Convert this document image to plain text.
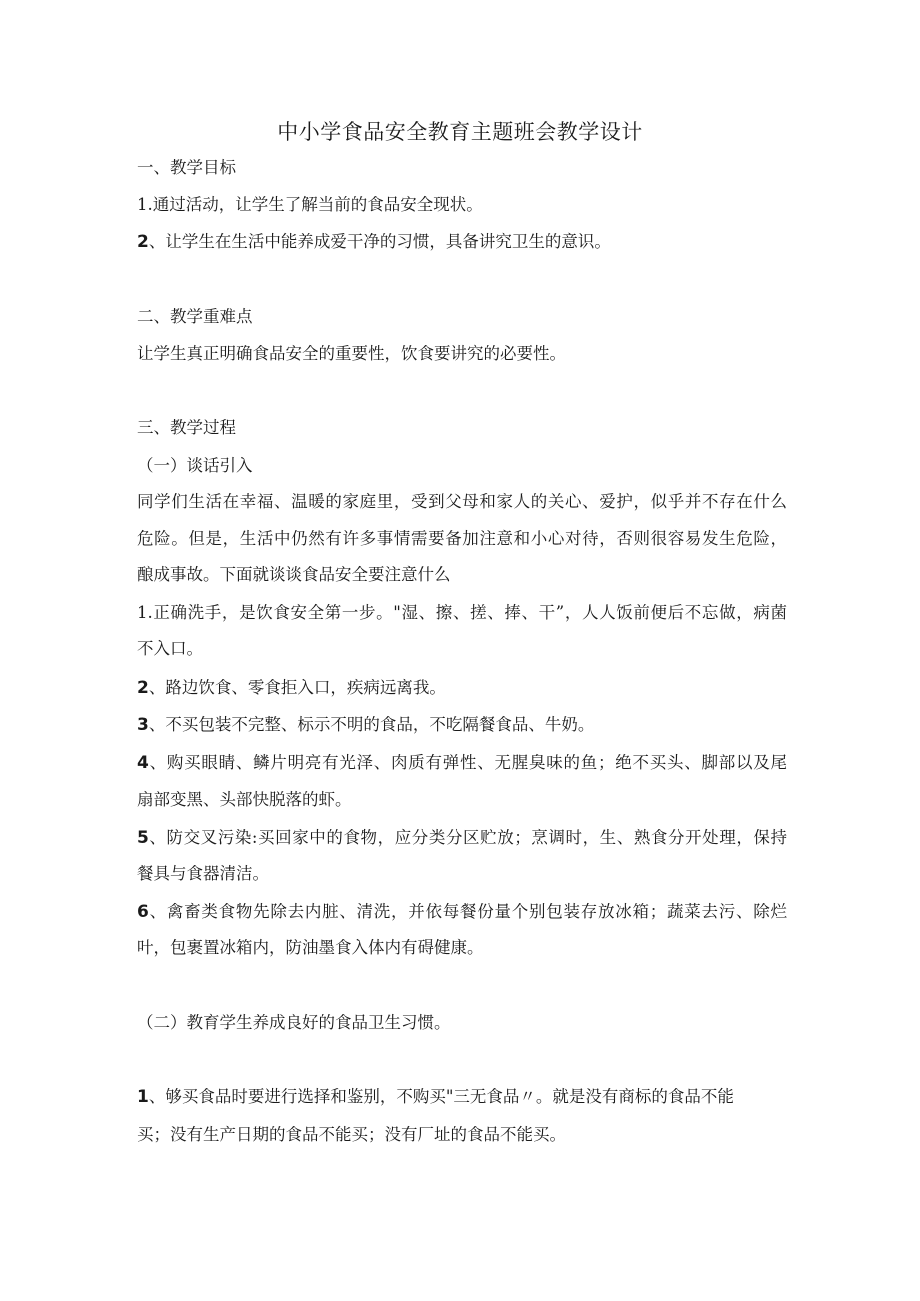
中小学食品安全教育主题班会教学设计
一、教学目标
1.通过活动，让学生了解当前的食品安全现状。
2、让学生在生活中能养成爱干净的习惯，具备讲究卫生的意识。
二、教学重难点
让学生真正明确食品安全的重要性，饮食要讲究的必要性。
三、教学过程
（一）谈话引入
同学们生活在幸福、温暖的家庭里，受到父母和家人的关心、爱护，似乎并不存在什么
危险。但是，生活中仍然有许多事情需要备加注意和小心对待，否则很容易发生危险，
酿成事故。下面就谈谈食品安全要注意什么
1.正确洗手，是饮食安全第一步。"湿、擦、搓、捧、干”，人人饭前便后不忘做，病菌
不入口。
2、路边饮食、零食拒入口，疾病远离我。
3、不买包装不完整、标示不明的食品，不吃隔餐食品、牛奶。
4、购买眼睛、鳞片明亮有光泽、肉质有弹性、无腥臭味的鱼；绝不买头、脚部以及尾
扇部变黑、头部快脱落的虾。
5、防交叉污染:买回家中的食物，应分类分区贮放；烹调时，生、熟食分开处理，保持
餐具与食器清洁。
6、禽畜类食物先除去内脏、清洗，并依每餐份量个别包装存放冰箱；蔬菜去污、除烂
叶，包裹置冰箱内，防油墨食入体内有碍健康。
（二）教育学生养成良好的食品卫生习惯。
1、够买食品时要进行选择和鉴别，不购买"三无食品〃。就是没有商标的食品不能
买；没有生产日期的食品不能买；没有厂址的食品不能买。
